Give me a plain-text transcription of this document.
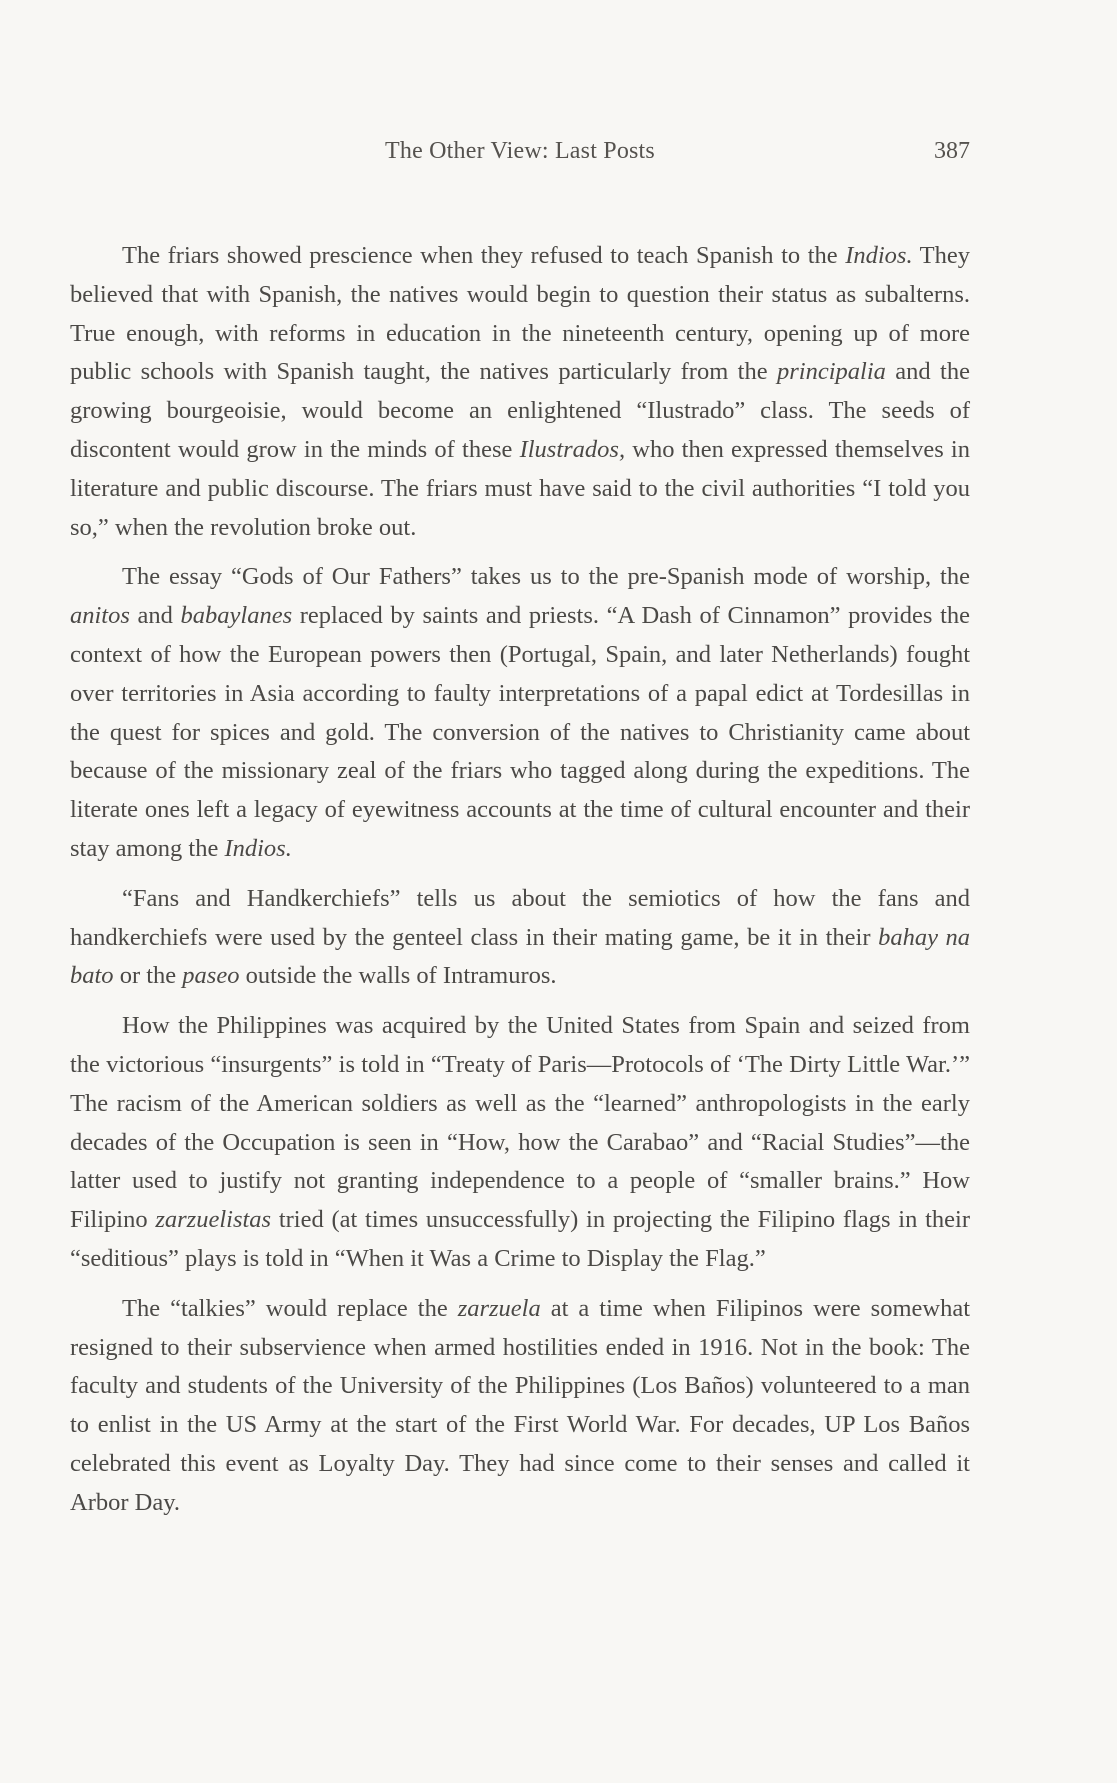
The Other View: Last Posts	387

The friars showed prescience when they refused to teach Spanish to the Indios. They believed that with Spanish, the natives would begin to question their status as subalterns. True enough, with reforms in education in the nineteenth century, opening up of more public schools with Spanish taught, the natives particularly from the principalia and the growing bourgeoisie, would become an enlightened “Ilustrado” class. The seeds of discontent would grow in the minds of these Ilustrados, who then expressed themselves in literature and public discourse. The friars must have said to the civil authorities “I told you so,” when the revolution broke out.

The essay “Gods of Our Fathers” takes us to the pre-Spanish mode of worship, the anitos and babaylanes replaced by saints and priests. “A Dash of Cinnamon” provides the context of how the European powers then (Portugal, Spain, and later Netherlands) fought over territories in Asia according to faulty interpretations of a papal edict at Tordesillas in the quest for spices and gold. The conversion of the natives to Christianity came about because of the missionary zeal of the friars who tagged along during the expeditions. The literate ones left a legacy of eyewitness accounts at the time of cultural encounter and their stay among the Indios.

“Fans and Handkerchiefs” tells us about the semiotics of how the fans and handkerchiefs were used by the genteel class in their mating game, be it in their bahay na bato or the paseo outside the walls of Intramuros.

How the Philippines was acquired by the United States from Spain and seized from the victorious “insurgents” is told in “Treaty of Paris—Protocols of ‘The Dirty Little War.’” The racism of the American soldiers as well as the “learned” anthropologists in the early decades of the Occupation is seen in “How, how the Carabao” and “Racial Studies”—the latter used to justify not granting independence to a people of “smaller brains.” How Filipino zarzuelistas tried (at times unsuccessfully) in projecting the Filipino flags in their “seditious” plays is told in “When it Was a Crime to Display the Flag.”

The “talkies” would replace the zarzuela at a time when Filipinos were somewhat resigned to their subservience when armed hostilities ended in 1916. Not in the book: The faculty and students of the University of the Philippines (Los Baños) volunteered to a man to enlist in the US Army at the start of the First World War. For decades, UP Los Baños celebrated this event as Loyalty Day. They had since come to their senses and called it Arbor Day.
